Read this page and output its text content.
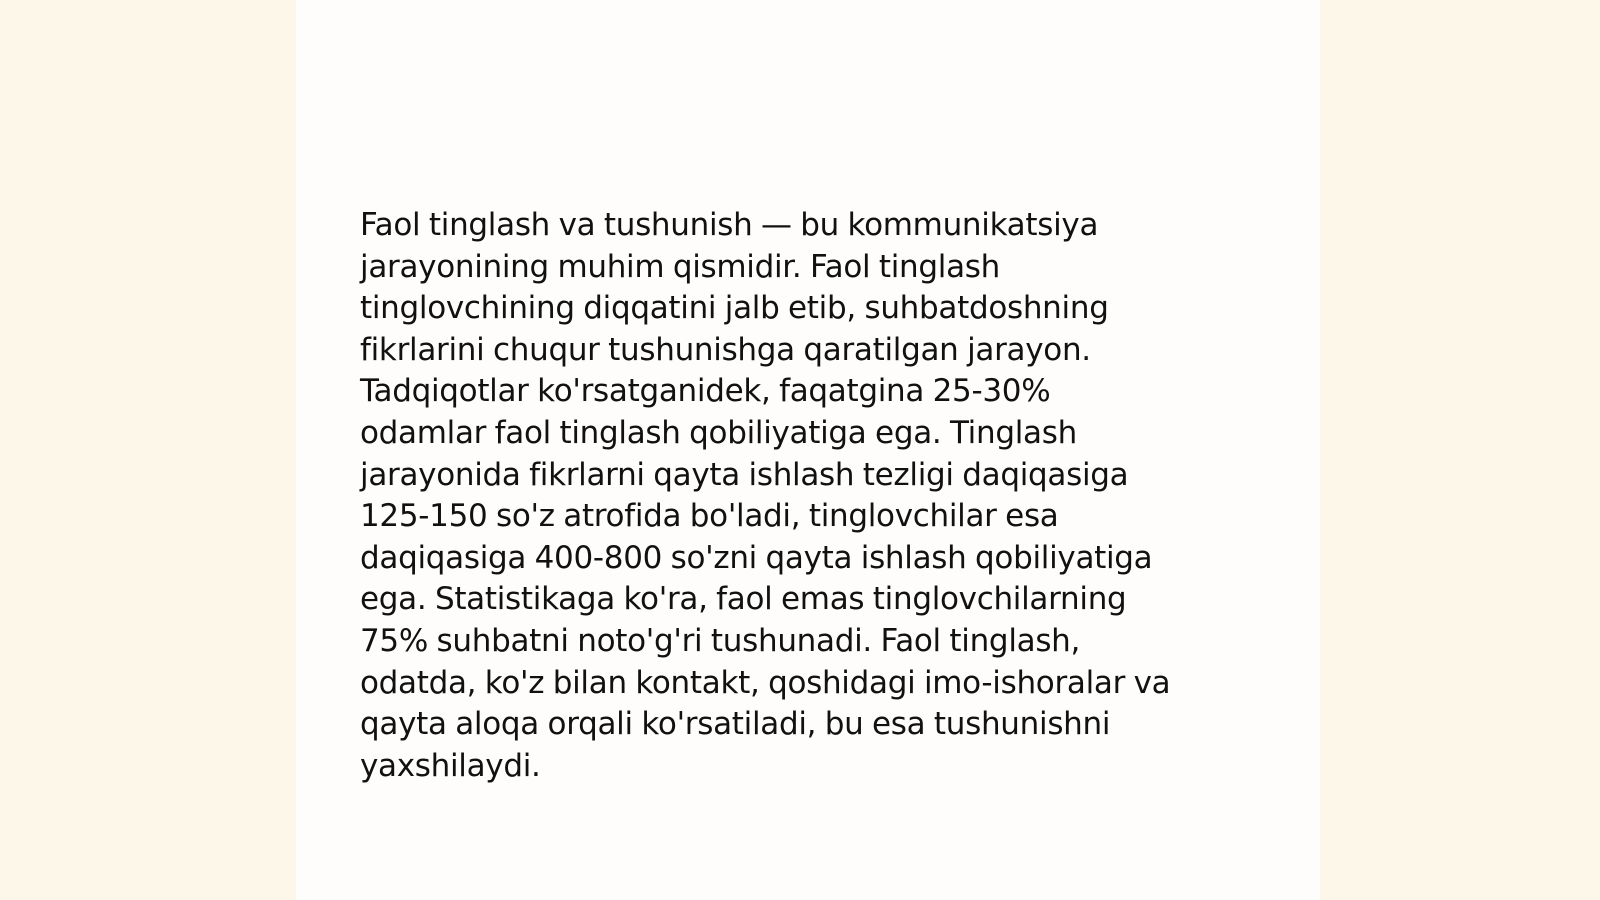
Faol tinglash va tushunish — bu kommunikatsiya
jarayonining muhim qismidir. Faol tinglash
tinglovchining diqqatini jalb etib, suhbatdoshning
fikrlarini chuqur tushunishga qaratilgan jarayon.
Tadqiqotlar ko'rsatganidek, faqatgina 25-30%
odamlar faol tinglash qobiliyatiga ega. Tinglash
jarayonida fikrlarni qayta ishlash tezligi daqiqasiga
125-150 so'z atrofida bo'ladi, tinglovchilar esa
daqiqasiga 400-800 so'zni qayta ishlash qobiliyatiga
ega. Statistikaga ko'ra, faol emas tinglovchilarning
75% suhbatni noto'g'ri tushunadi. Faol tinglash,
odatda, ko'z bilan kontakt, qoshidagi imo-ishoralar va
qayta aloqa orqali ko'rsatiladi, bu esa tushunishni
yaxshilaydi.
